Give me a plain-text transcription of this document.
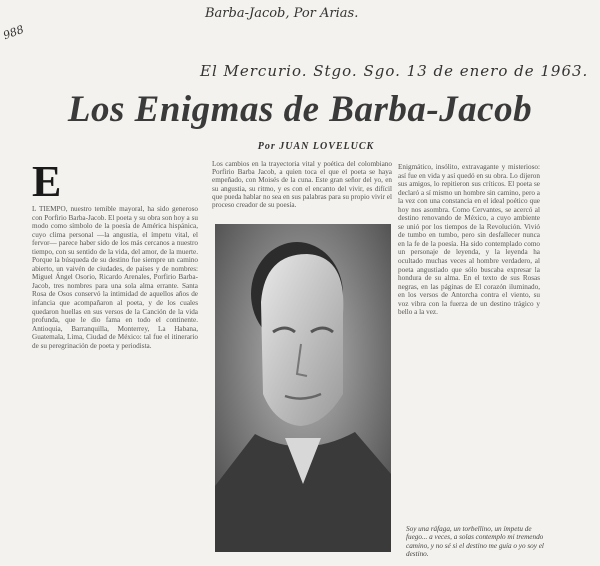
Barba-Jacob, Por Arias.
988
El Mercurio. Stgo. Sgo. 13 de enero de 1963.
Los Enigmas de Barba-Jacob
E
L TIEMPO, nuestro temible mayoral, ha sido generoso con Porfirio Barba-Jacob. El poeta y su obra son hoy a su modo como símbolo de la poesía de América hispánica, cuyo clima personal —la angustia, el ímpetu vital, el fervor— parece haber sido de los más cercanos a nuestro tiempo, con su sentido de la vida, del amor, de la muerte. Porque la búsqueda de su destino fue siempre un camino abierto, un vaivén de ciudades, de países y de nombres: Miguel Ángel Osorio, Ricardo Arenales, Porfirio Barba-Jacob, tres nombres para una sola alma errante. Santa Rosa de Osos conservó la intimidad de aquellos años de infancia que acompañaron al poeta, y de los cuales quedaron huellas en sus versos de la Canción de la vida profunda, que le dio fama en todo el continente. Antioquia, Barranquilla, Monterrey, La Habana, Guatemala, Lima, Ciudad de México: tal fue el itinerario de su peregrinación de poeta y periodista.
Por JUAN LOVELUCK
Los cambios en la trayectoria vital y poética del colombiano Porfirio Barba Jacob, a quien toca el que el poeta se haya empeñado, con Moisés de la cuna. Este gran señor del yo, en su angustia, su ritmo, y es con el encanto del vivir, es difícil que pueda hablar no sea en sus palabras para su propio vivir el proceso creador de su poesía.
Enigmático, insólito, extravagante y misterioso: así fue en vida y así quedó en su obra. Lo dijeron sus amigos, lo repitieron sus críticos. El poeta se declaró a sí mismo un hombre sin camino, pero a la vez con una constancia en el ideal poético que hoy nos asombra. Como Cervantes, se acercó al destino renovando de México, a cuyo ambiente se unió por los tiempos de la Revolución. Vivió de tumbo en tumbo, pero sin desfallecer nunca en la fe de la poesía. Ha sido contemplado como un personaje de leyenda, y la leyenda ha ocultado muchas veces al hombre verdadero, al poeta angustiado que sólo buscaba expresar la hondura de su alma. En el texto de sus Rosas negras, en las páginas de El corazón iluminado, en los versos de Antorcha contra el viento, su voz vibra con la fuerza de un destino trágico y bello a la vez.
Soy una ráfaga, un torbellino, un ímpetu de fuego... a veces, a solas contemplo mi tremendo camino, y no sé si el destino me guía o yo soy el destino.
